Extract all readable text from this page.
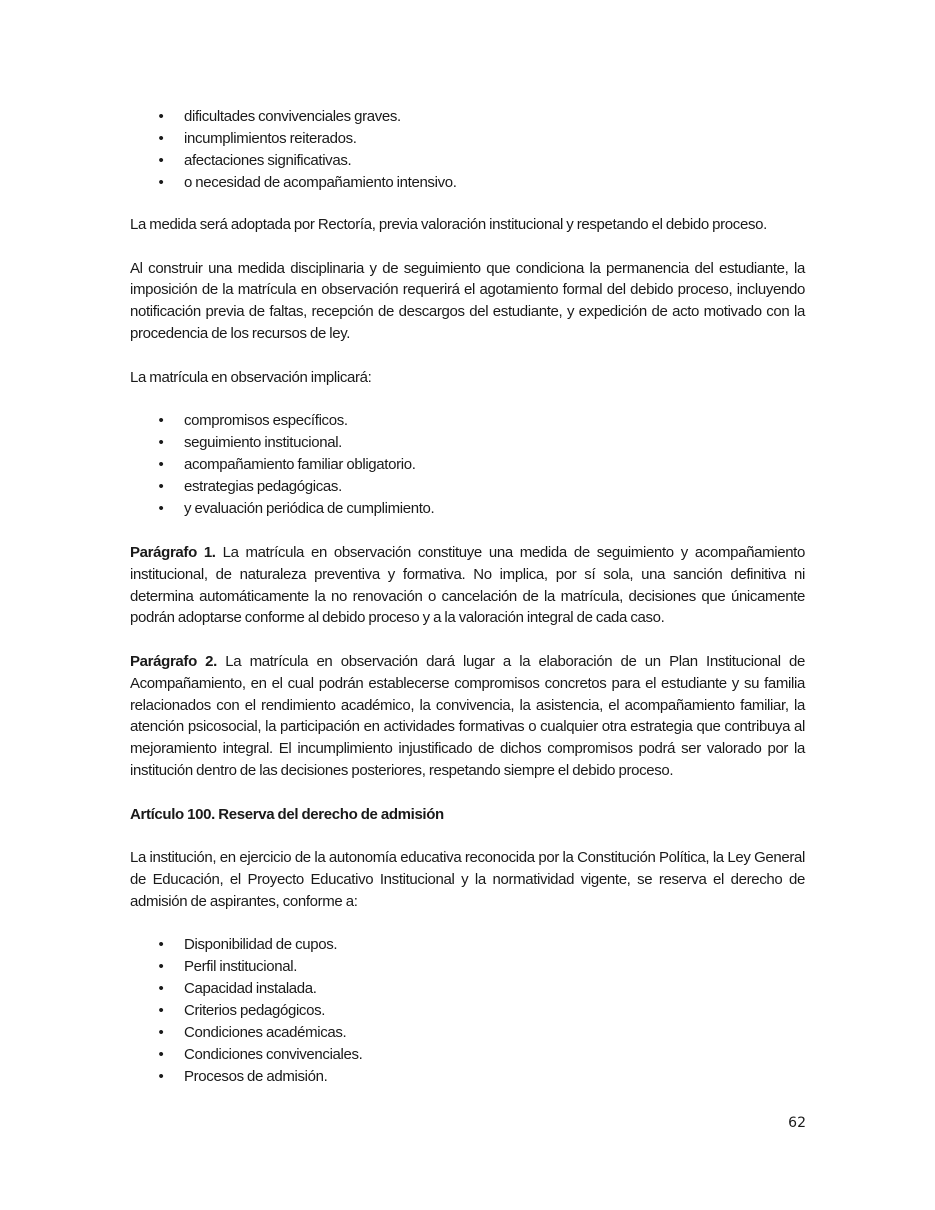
• dificultades convivenciales graves.
• incumplimientos reiterados.
• afectaciones significativas.
• o necesidad de acompañamiento intensivo.

La medida será adoptada por Rectoría, previa valoración institucional y respetando el debido proceso.

Al construir una medida disciplinaria y de seguimiento que condiciona la permanencia del estudiante, la imposición de la matrícula en observación requerirá el agotamiento formal del debido proceso, incluyendo notificación previa de faltas, recepción de descargos del estudiante, y expedición de acto motivado con la procedencia de los recursos de ley.

La matrícula en observación implicará:

• compromisos específicos.
• seguimiento institucional.
• acompañamiento familiar obligatorio.
• estrategias pedagógicas.
• y evaluación periódica de cumplimiento.

Parágrafo 1. La matrícula en observación constituye una medida de seguimiento y acompañamiento institucional, de naturaleza preventiva y formativa. No implica, por sí sola, una sanción definitiva ni determina automáticamente la no renovación o cancelación de la matrícula, decisiones que únicamente podrán adoptarse conforme al debido proceso y a la valoración integral de cada caso.

Parágrafo 2. La matrícula en observación dará lugar a la elaboración de un Plan Institucional de Acompañamiento, en el cual podrán establecerse compromisos concretos para el estudiante y su familia relacionados con el rendimiento académico, la convivencia, la asistencia, el acompañamiento familiar, la atención psicosocial, la participación en actividades formativas o cualquier otra estrategia que contribuya al mejoramiento integral. El incumplimiento injustificado de dichos compromisos podrá ser valorado por la institución dentro de las decisiones posteriores, respetando siempre el debido proceso.

Artículo 100. Reserva del derecho de admisión

La institución, en ejercicio de la autonomía educativa reconocida por la Constitución Política, la Ley General de Educación, el Proyecto Educativo Institucional y la normatividad vigente, se reserva el derecho de admisión de aspirantes, conforme a:

• Disponibilidad de cupos.
• Perfil institucional.
• Capacidad instalada.
• Criterios pedagógicos.
• Condiciones académicas.
• Condiciones convivenciales.
• Procesos de admisión.
62
